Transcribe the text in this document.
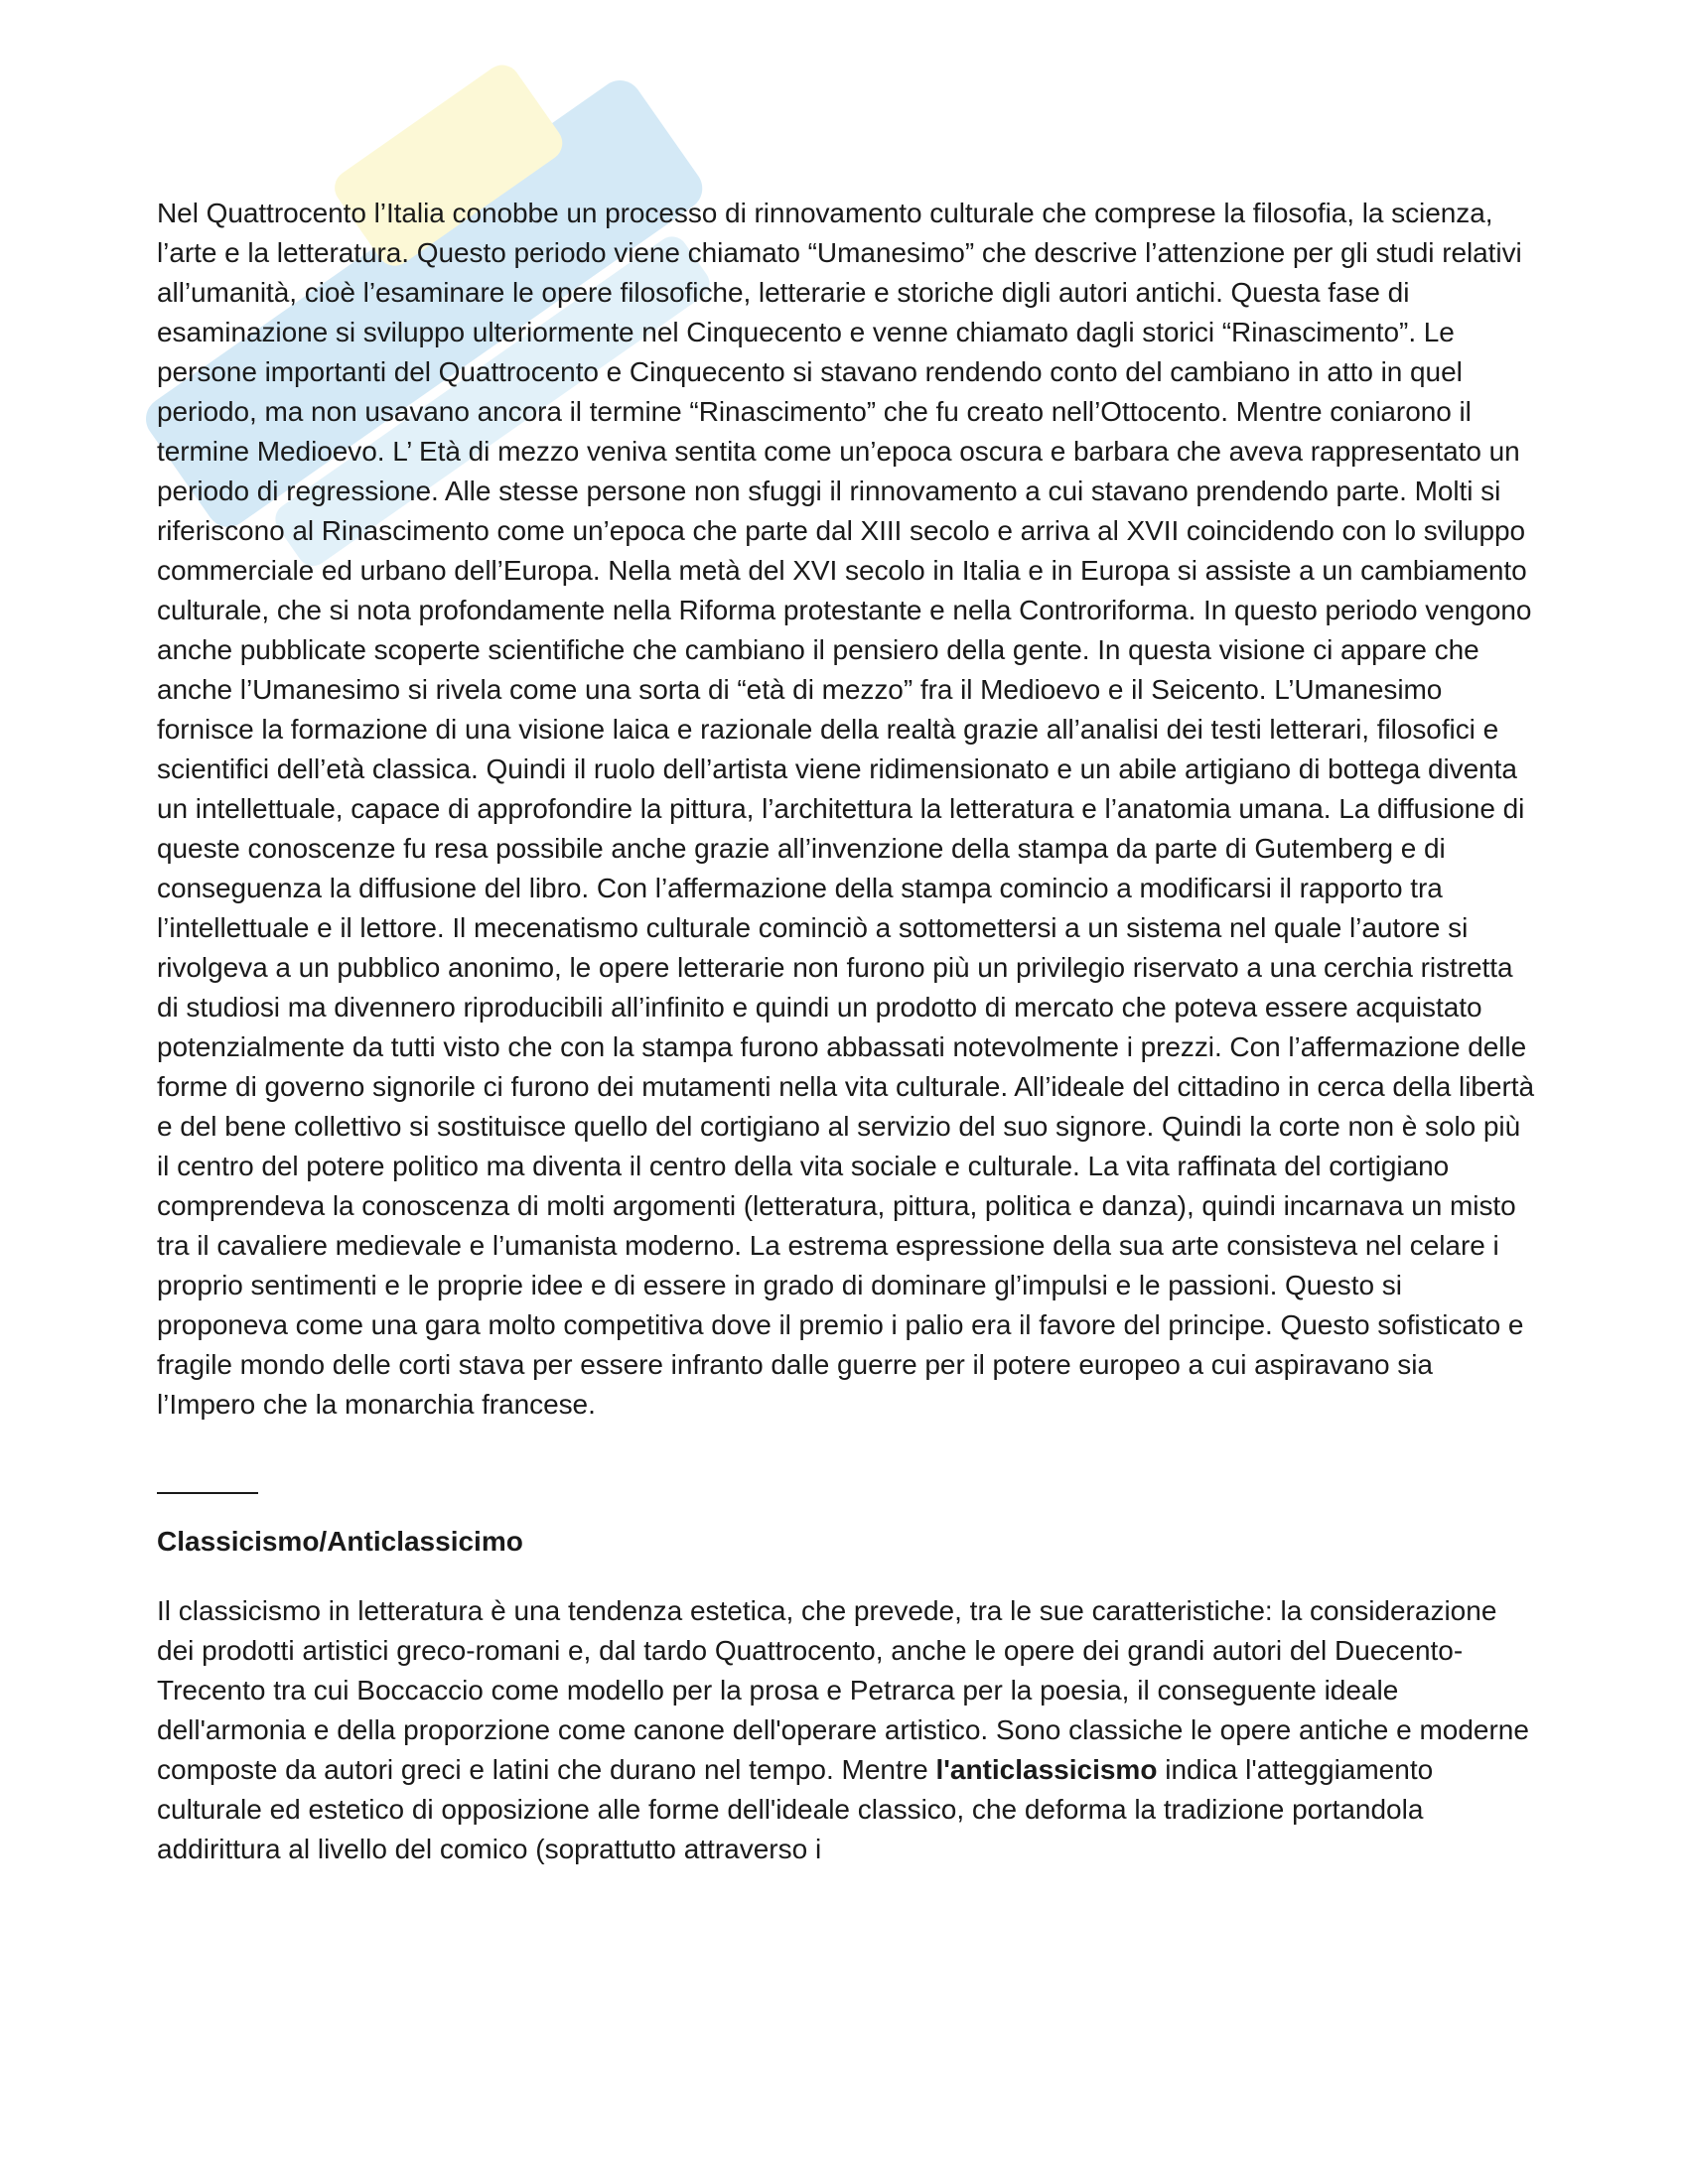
Nel Quattrocento l’Italia conobbe un processo di rinnovamento culturale che comprese la filosofia, la scienza, l’arte e la letteratura. Questo periodo viene chiamato “Umanesimo” che descrive l’attenzione per gli studi relativi all’umanità, cioè l’esaminare le opere filosofiche, letterarie e storiche digli autori antichi. Questa fase di esaminazione si sviluppo ulteriormente nel Cinquecento e venne chiamato dagli storici “Rinascimento”. Le persone importanti del Quattrocento e Cinquecento si stavano rendendo conto del cambiano in atto in quel periodo, ma non usavano ancora il termine “Rinascimento” che fu creato nell’Ottocento. Mentre coniarono il termine Medioevo. L’ Età di mezzo veniva sentita come un’epoca oscura e barbara che aveva rappresentato un periodo di regressione. Alle stesse persone non sfuggi il rinnovamento a cui stavano prendendo parte. Molti si riferiscono al Rinascimento come un’epoca che parte dal XIII secolo e arriva al XVII coincidendo con lo sviluppo commerciale ed urbano dell’Europa. Nella metà del XVI secolo in Italia e in Europa si assiste a un cambiamento culturale, che si nota profondamente nella Riforma protestante e nella Controriforma. In questo periodo vengono anche pubblicate scoperte scientifiche che cambiano il pensiero della gente. In questa visione ci appare che anche l’Umanesimo si rivela come una sorta di “età di mezzo” fra il Medioevo e il Seicento. L’Umanesimo fornisce la formazione di una visione laica e razionale della realtà grazie all’analisi dei testi letterari, filosofici e scientifici dell’età classica. Quindi il ruolo dell’artista viene ridimensionato e un abile artigiano di bottega diventa un intellettuale, capace di approfondire la pittura, l’architettura la letteratura e l’anatomia umana. La diffusione di queste conoscenze fu resa possibile anche grazie all’invenzione della stampa da parte di Gutemberg e di conseguenza la diffusione del libro. Con l’affermazione della stampa comincio a modificarsi il rapporto tra l’intellettuale e il lettore. Il mecenatismo culturale cominciò a sottomettersi a un sistema nel quale l’autore si rivolgeva a un pubblico anonimo, le opere letterarie non furono più un privilegio riservato a una cerchia ristretta di studiosi ma divennero riproducibili all’infinito e quindi un prodotto di mercato che poteva essere acquistato potenzialmente da tutti visto che con la stampa furono abbassati notevolmente i prezzi. Con l’affermazione delle forme di governo signorile ci furono dei mutamenti nella vita culturale. All’ideale del cittadino in cerca della libertà e del bene collettivo si sostituisce quello del cortigiano al servizio del suo signore. Quindi la corte non è solo più il centro del potere politico ma diventa il centro della vita sociale e culturale. La vita raffinata del cortigiano comprendeva la conoscenza di molti argomenti (letteratura, pittura, politica e danza), quindi incarnava un misto tra il cavaliere medievale e l’umanista moderno. La estrema espressione della sua arte consisteva nel celare i proprio sentimenti e le proprie idee e di essere in grado di dominare gl’impulsi e le passioni. Questo si proponeva come una gara molto competitiva dove il premio i palio era il favore del principe. Questo sofisticato e fragile mondo delle corti stava per essere infranto dalle guerre per il potere europeo a cui aspiravano sia l’Impero che la monarchia francese.

Classicismo/Anticlassicimo

Il classicismo in letteratura è una tendenza estetica, che prevede, tra le sue caratteristiche: la considerazione dei prodotti artistici greco-romani e, dal tardo Quattrocento, anche le opere dei grandi autori del Duecento-Trecento tra cui Boccaccio come modello per la prosa e Petrarca per la poesia, il conseguente ideale dell'armonia e della proporzione come canone dell'operare artistico. Sono classiche le opere antiche e moderne composte da autori greci e latini che durano nel tempo. Mentre l'anticlassicismo indica l'atteggiamento culturale ed estetico di opposizione alle forme dell'ideale classico, che deforma la tradizione portandola addirittura al livello del comico (soprattutto attraverso i
